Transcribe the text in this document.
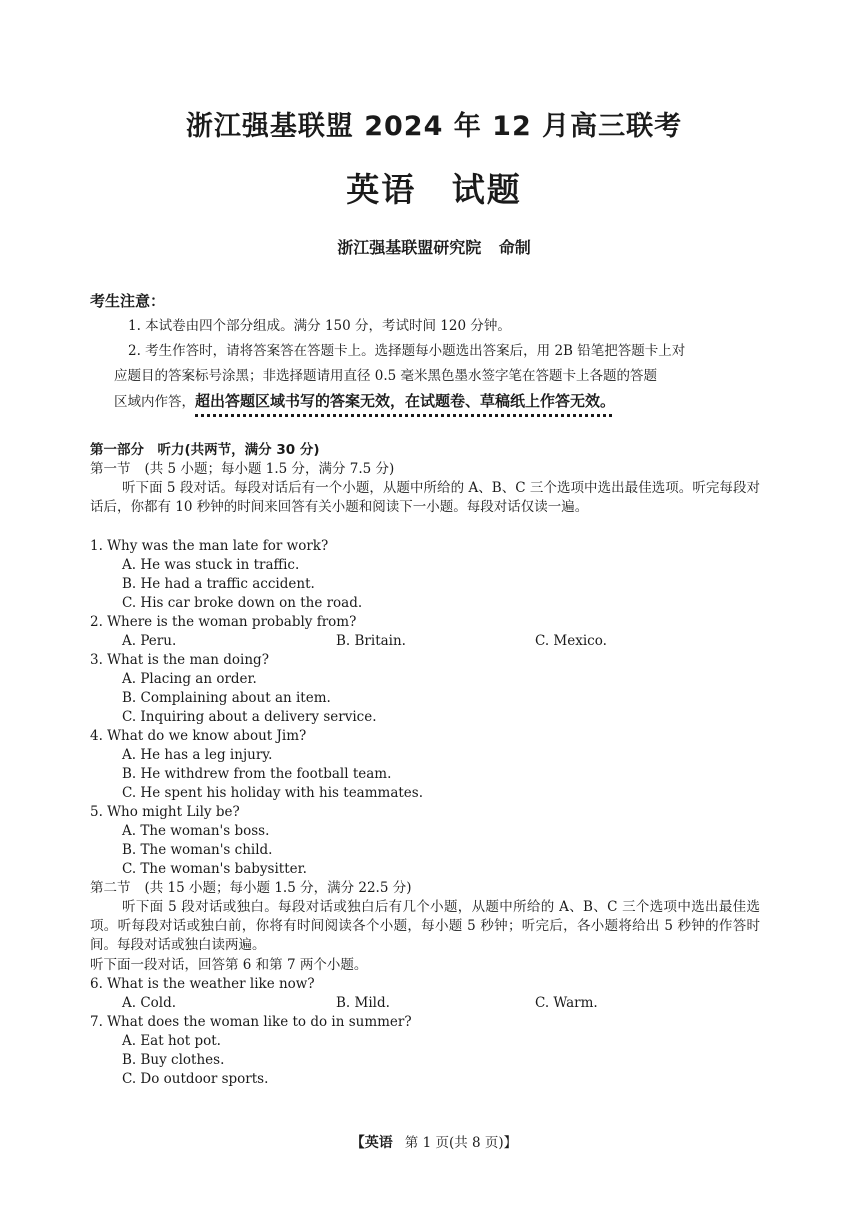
浙江强基联盟 2024 年 12 月高三联考
英语 试题
浙江强基联盟研究院 命制
考生注意：
1. 本试卷由四个部分组成。满分 150 分，考试时间 120 分钟。
2. 考生作答时，请将答案答在答题卡上。选择题每小题选出答案后，用 2B 铅笔把答题卡上对
应题目的答案标号涂黑；非选择题请用直径 0.5 毫米黑色墨水签字笔在答题卡上各题的答题
区域内作答，超出答题区域书写的答案无效，在试题卷、草稿纸上作答无效。
第一部分　听力(共两节，满分 30 分)
第一节 (共 5 小题；每小题 1.5 分，满分 7.5 分)
听下面 5 段对话。每段对话后有一个小题，从题中所给的 A、B、C 三个选项中选出最佳选项。听完每段对话后，你都有 10 秒钟的时间来回答有关小题和阅读下一小题。每段对话仅读一遍。
1. Why was the man late for work?
A. He was stuck in traffic.
B. He had a traffic accident.
C. His car broke down on the road.
2. Where is the woman probably from?
A. Peru.	B. Britain.	C. Mexico.
3. What is the man doing?
A. Placing an order.
B. Complaining about an item.
C. Inquiring about a delivery service.
4. What do we know about Jim?
A. He has a leg injury.
B. He withdrew from the football team.
C. He spent his holiday with his teammates.
5. Who might Lily be?
A. The woman's boss.
B. The woman's child.
C. The woman's babysitter.
第二节 (共 15 小题；每小题 1.5 分，满分 22.5 分)
听下面 5 段对话或独白。每段对话或独白后有几个小题，从题中所给的 A、B、C 三个选项中选出最佳选项。听每段对话或独白前，你将有时间阅读各个小题，每小题 5 秒钟；听完后，各小题将给出 5 秒钟的作答时间。每段对话或独白读两遍。
听下面一段对话，回答第 6 和第 7 两个小题。
6. What is the weather like now?
A. Cold.	B. Mild.	C. Warm.
7. What does the woman like to do in summer?
A. Eat hot pot.
B. Buy clothes.
C. Do outdoor sports.
【英语 第 1 页(共 8 页)】
